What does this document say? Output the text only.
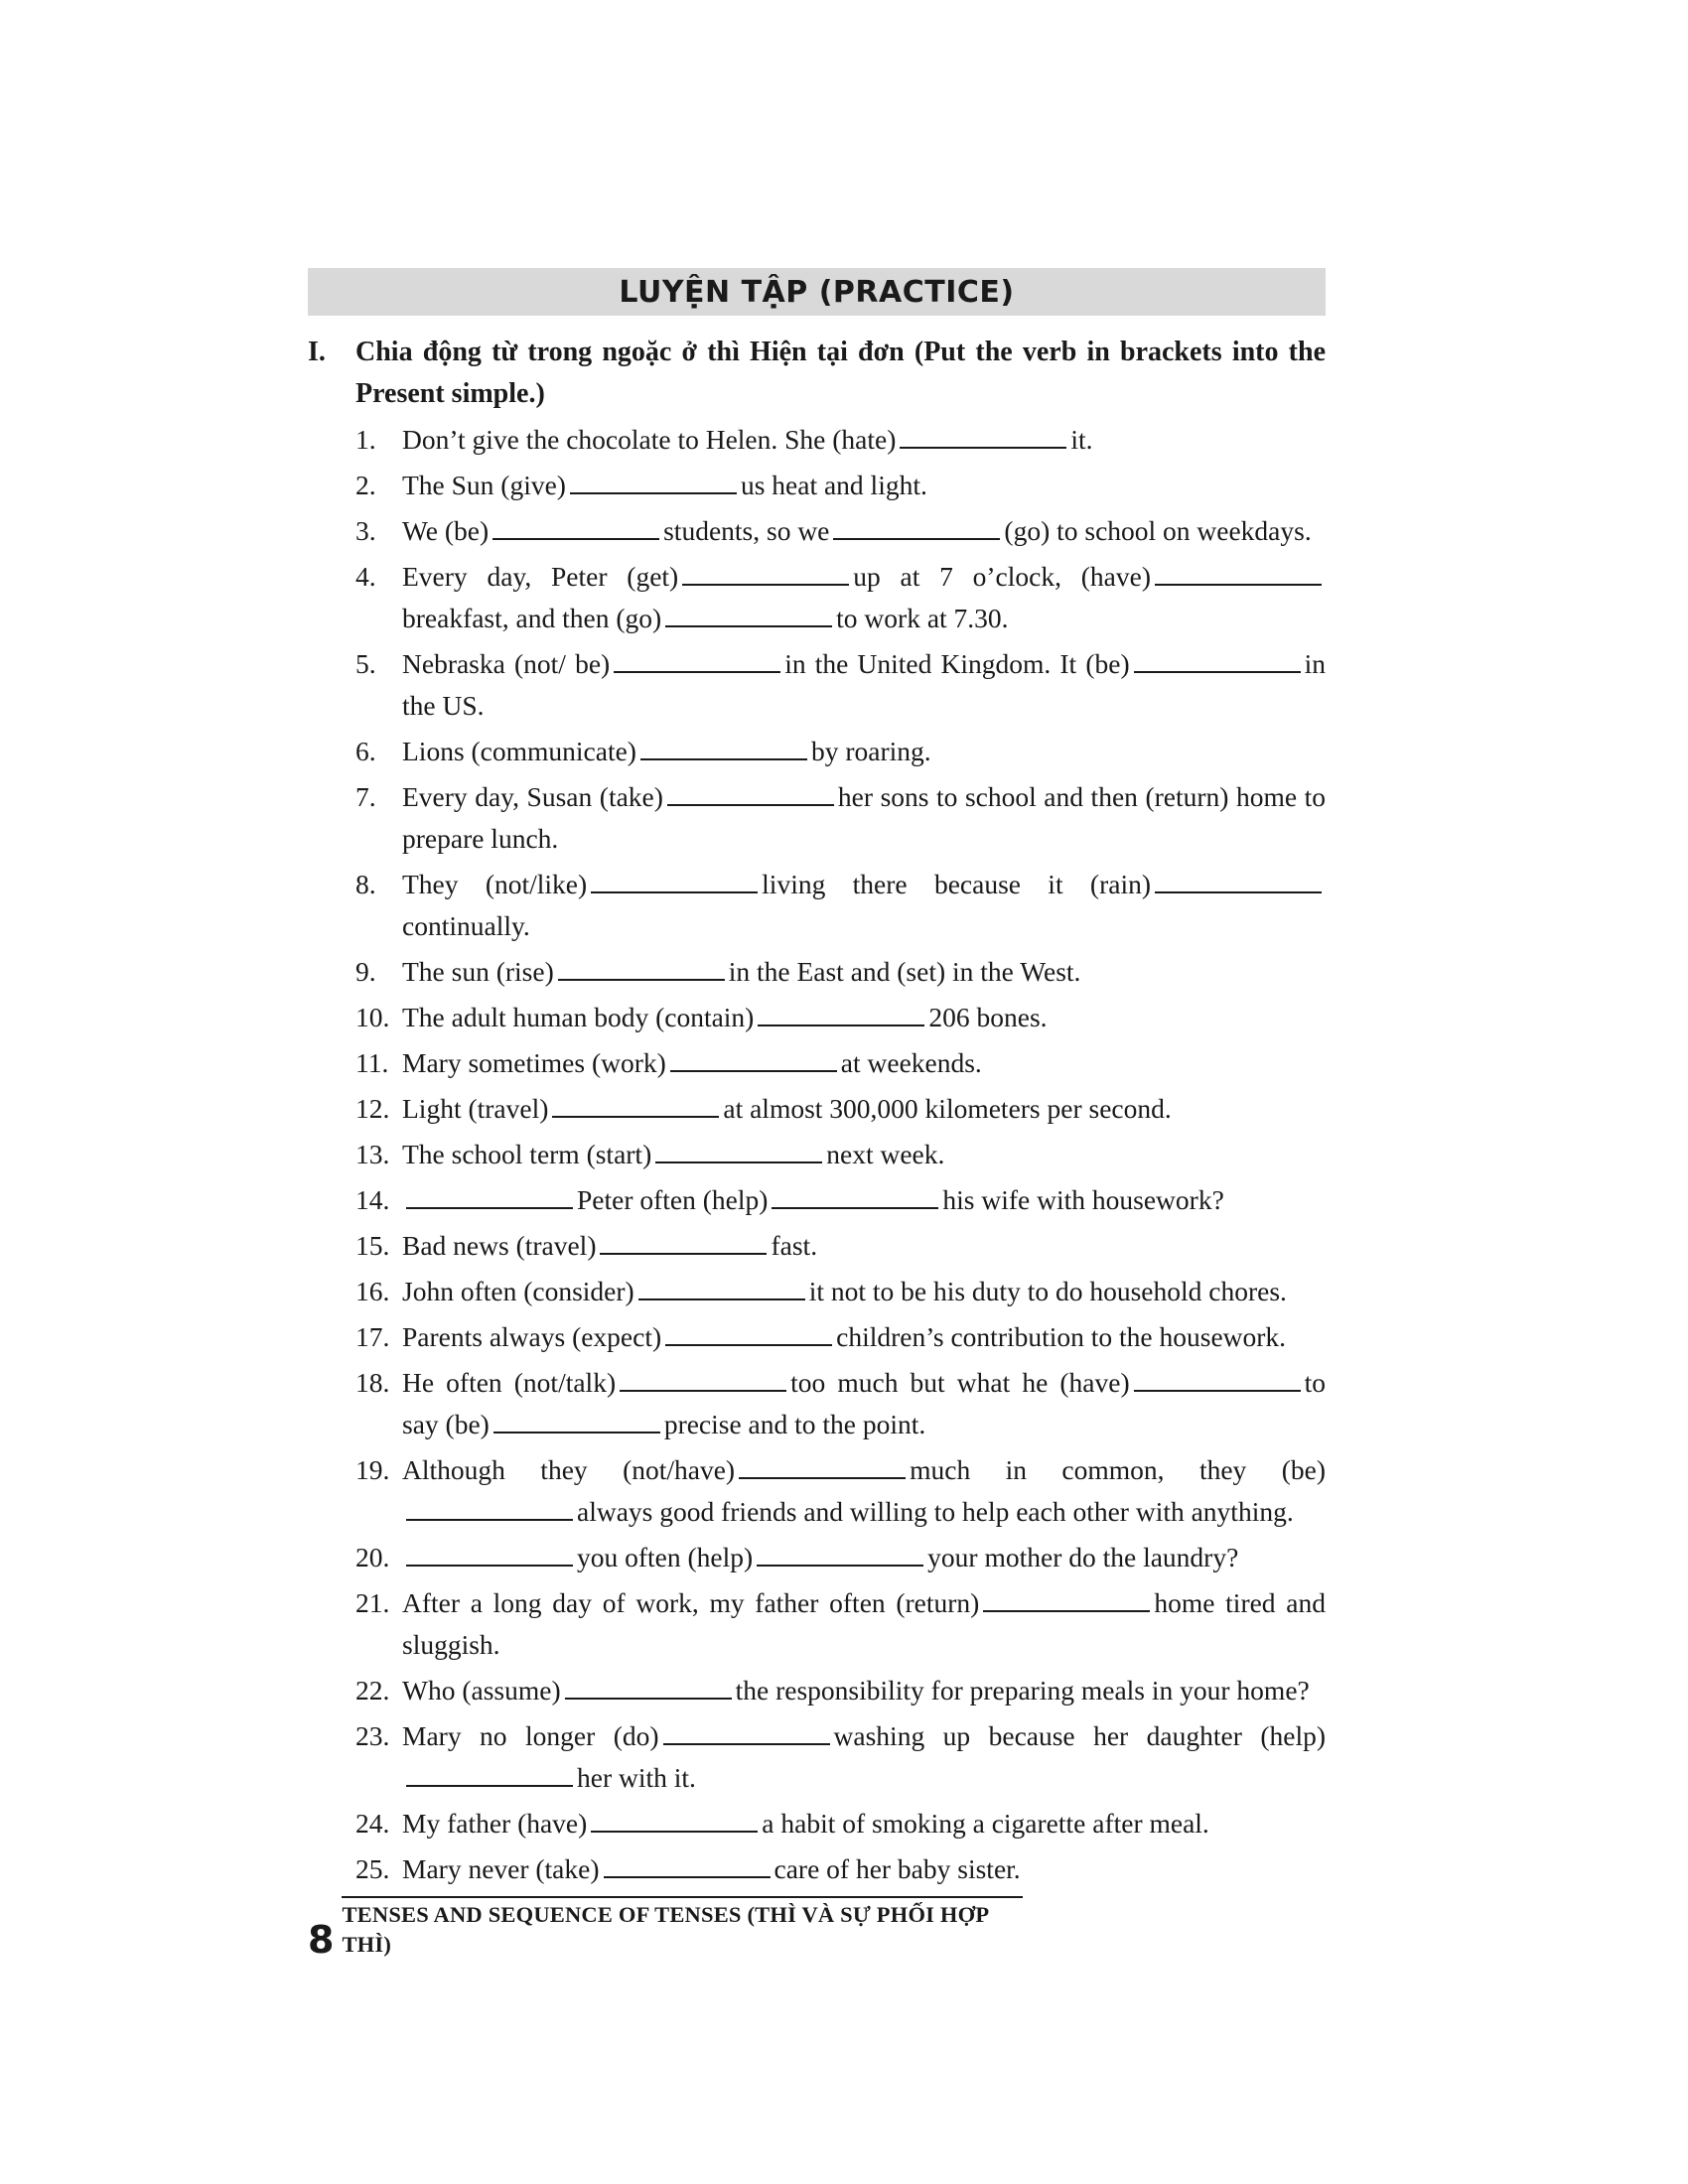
LUYỆN TẬP (PRACTICE)
I.	Chia động từ trong ngoặc ở thì Hiện tại đơn (Put the verb in brackets into the Present simple.)
1. Don’t give the chocolate to Helen. She (hate)	it.
2. The Sun (give)	us heat and light.
3. We (be)	students, so we	(go) to school on weekdays.
4. Every day, Peter (get)	up at 7 o’clock, (have)breakfast, and then (go)	to work at 7.30.
5. Nebraska (not/ be)	in the United Kingdom. It (be)	in the US.
6. Lions (communicate)	by roaring.
7. Every day, Susan (take)	her sons to school and then (return) home to prepare lunch.
8. They (not/like)	living there because it (rain)continually.
9. The sun (rise)	in the East and (set) in the West.
10. The adult human body (contain)	206 bones.
11. Mary sometimes (work)	at weekends.
12. Light (travel)	at almost 300,000 kilometers per second.
13. The school term (start)	next week.
14.	Peter often (help)	his wife with housework?
15. Bad news (travel)	fast.
16. John often (consider)	it not to be his duty to do household chores.
17. Parents always (expect)	children’s contribution to the housework.
18. He often (not/talk)	too much but what he (have)	to say (be)	precise and to the point.
19. Although they (not/have)	much in common, they (be)always good friends and willing to help each other with anything.
20.	you often (help)	your mother do the laundry?
21. After a long day of work, my father often (return)	home tired and sluggish.
22. Who (assume)	the responsibility for preparing meals in your home?
23. Mary no longer (do)	washing up because her daughter (help)her with it.
24. My father (have)	a habit of smoking a cigarette after meal.
25. Mary never (take)	care of her baby sister.
8
TENSES AND SEQUENCE OF TENSES (THÌ VÀ SỰ PHỐI HỢP THÌ)
